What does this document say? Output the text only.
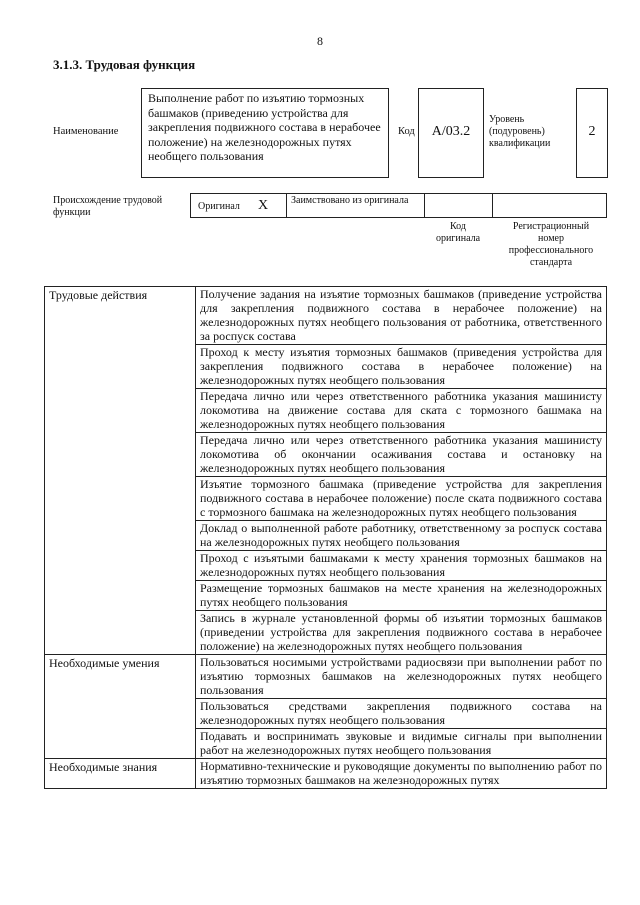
8
3.1.3. Трудовая функция
Наименование
Выполнение работ по изъятию тормозных башмаков (приведению устройства для закрепления подвижного состава в нерабочее положение) на железнодорожных путях необщего пользования
Код	А/03.2
Уровень (подуровень) квалификации
2
Происхождение трудовой функции
Оригинал Х Заимствовано из оригинала
Код оригинала
Регистрационный номер профессионального стандарта
Трудовые действия	Получение задания на изъятие тормозных башмаков (приведение устройства для закрепления подвижного состава в нерабочее положение) на железнодорожных путях необщего пользования от работника, ответственного за роспуск состава
	Проход к месту изъятия тормозных башмаков (приведения устройства для закрепления подвижного состава в нерабочее положение) на железнодорожных путях необщего пользования
	Передача лично или через ответственного работника указания машинисту локомотива на движение состава для ската с тормозного башмака на железнодорожных путях необщего пользования
	Передача лично или через ответственного работника указания машинисту локомотива об окончании осаживания состава и остановку на железнодорожных путях необщего пользования
	Изъятие тормозного башмака (приведение устройства для закрепления подвижного состава в нерабочее положение) после ската подвижного состава с тормозного башмака на железнодорожных путях необщего пользования
	Доклад о выполненной работе работнику, ответственному за роспуск состава на железнодорожных путях необщего пользования
	Проход с изъятыми башмаками к месту хранения тормозных башмаков на железнодорожных путях необщего пользования
	Размещение тормозных башмаков на месте хранения на железнодорожных путях необщего пользования
	Запись в журнале установленной формы об изъятии тормозных башмаков (приведении устройства для закрепления подвижного состава в нерабочее положение) на железнодорожных путях необщего пользования
Необходимые умения	Пользоваться носимыми устройствами радиосвязи при выполнении работ по изъятию тормозных башмаков на железнодорожных путях необщего пользования
	Пользоваться средствами закрепления подвижного состава на железнодорожных путях необщего пользования
	Подавать и воспринимать звуковые и видимые сигналы при выполнении работ на железнодорожных путях необщего пользования
Необходимые знания	Нормативно-технические и руководящие документы по выполнению работ по изъятию тормозных башмаков на железнодорожных путях
